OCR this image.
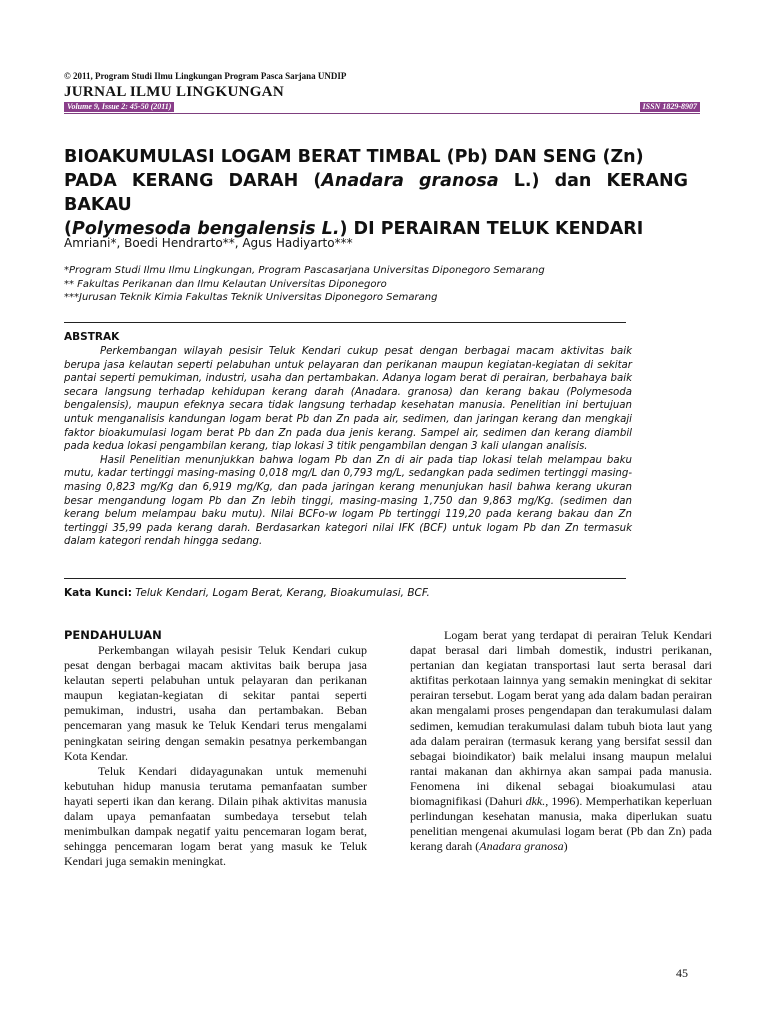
© 2011, Program Studi Ilmu Lingkungan Program Pasca Sarjana UNDIP
JURNAL ILMU LINGKUNGAN
Volume 9, Issue 2: 45-50 (2011)	ISSN 1829-8907
BIOAKUMULASI LOGAM BERAT TIMBAL (Pb) DAN SENG (Zn)
PADA KERANG DARAH (Anadara granosa L.) dan KERANG BAKAU
(Polymesoda bengalensis L.) DI PERAIRAN TELUK KENDARI
Amriani*, Boedi Hendrarto**, Agus Hadiyarto***
*Program Studi Ilmu Ilmu Lingkungan, Program Pascasarjana Universitas Diponegoro Semarang
** Fakultas Perikanan dan Ilmu Kelautan Universitas Diponegoro
***Jurusan Teknik Kimia Fakultas Teknik Universitas Diponegoro Semarang
ABSTRAK

Perkembangan wilayah pesisir Teluk Kendari cukup pesat dengan berbagai macam aktivitas baik berupa jasa kelautan seperti pelabuhan untuk pelayaran dan perikanan maupun kegiatan-kegiatan di sekitar pantai seperti pemukiman, industri, usaha dan pertambakan. Adanya logam berat di perairan, berbahaya baik secara langsung terhadap kehidupan kerang darah (Anadara. granosa) dan kerang bakau (Polymesoda bengalensis), maupun efeknya secara tidak langsung terhadap kesehatan manusia. Penelitian ini bertujuan untuk menganalisis kandungan logam berat Pb dan Zn pada air, sedimen, dan jaringan kerang dan mengkaji faktor bioakumulasi logam berat Pb dan Zn pada dua jenis kerang. Sampel air, sedimen dan kerang diambil pada kedua lokasi pengambilan kerang, tiap lokasi 3 titik pengambilan dengan 3 kali ulangan analisis.

Hasil Penelitian menunjukkan bahwa logam Pb dan Zn di air pada tiap lokasi telah melampau baku mutu, kadar tertinggi masing-masing 0,018 mg/L dan 0,793 mg/L, sedangkan pada sedimen tertinggi masing-masing 0,823 mg/Kg dan 6,919 mg/Kg, dan pada jaringan kerang menunjukan hasil bahwa kerang ukuran besar mengandung logam Pb dan Zn lebih tinggi, masing-masing 1,750 dan 9,863 mg/Kg. (sedimen dan kerang belum melampau baku mutu). Nilai BCFo-w logam Pb tertinggi 119,20 pada kerang bakau dan Zn tertinggi 35,99 pada kerang darah. Berdasarkan kategori nilai IFK (BCF) untuk logam Pb dan Zn termasuk dalam kategori rendah hingga sedang.

Kata Kunci: Teluk Kendari, Logam Berat, Kerang, Bioakumulasi, BCF.
PENDAHULUAN

Perkembangan wilayah pesisir Teluk Kendari cukup pesat dengan berbagai macam aktivitas baik berupa jasa kelautan seperti pelabuhan untuk pelayaran dan perikanan maupun kegiatan-kegiatan di sekitar pantai seperti pemukiman, industri, usaha dan pertambakan. Beban pencemaran yang masuk ke Teluk Kendari terus mengalami peningkatan seiring dengan semakin pesatnya perkembangan Kota Kendar.

Teluk Kendari didayagunakan untuk memenuhi kebutuhan hidup manusia terutama pemanfaatan sumber hayati seperti ikan dan kerang. Dilain pihak aktivitas manusia dalam upaya pemanfaatan sumbedaya tersebut telah menimbulkan dampak negatif yaitu pencemaran logam berat, sehingga pencemaran logam berat yang masuk ke Teluk Kendari juga semakin meningkat.

Logam berat yang terdapat di perairan Teluk Kendari dapat berasal dari limbah domestik, industri perikanan, pertanian dan kegiatan transportasi laut serta berasal dari aktifitas perkotaan lainnya yang semakin meningkat di sekitar perairan tersebut. Logam berat yang ada dalam badan perairan akan mengalami proses pengendapan dan terakumulasi dalam sedimen, kemudian terakumulasi dalam tubuh biota laut yang ada dalam perairan (termasuk kerang yang bersifat sessil dan sebagai bioindikator) baik melalui insang maupun melalui rantai makanan dan akhirnya akan sampai pada manusia. Fenomena ini dikenal sebagai bioakumulasi atau biomagnifikasi (Dahuri dkk., 1996). Memperhatikan keperluan perlindungan kesehatan manusia, maka diperlukan suatu penelitian mengenai akumulasi logam berat (Pb dan Zn) pada kerang darah (Anadara granosa)

45
